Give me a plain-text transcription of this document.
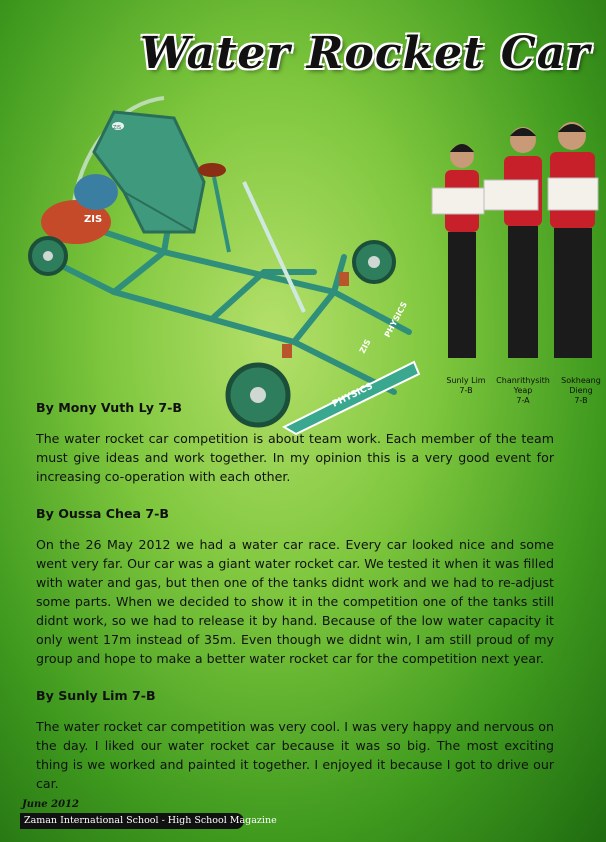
Water Rocket Car
PHYSICS
ZIS
PHYSICS
ZIS
ZIS
Sunly Lim
7-B
Chanrithysith Yeap
7-A
Sokheang Dieng
7-B

By Mony Vuth Ly 7-B

The water rocket car competition is about team work. Each member of the team must give ideas and work together. In my opinion this is a very good event for increasing co-operation with each other.

By Oussa Chea 7-B

On the 26 May 2012 we had a water car race. Every car looked nice and some went very far. Our car was a giant water rocket car. We tested it when it was filled with water and gas, but then one of the tanks didnt work and we had to re-adjust some parts. When we decided to show it in the competition one of the tanks still didnt work, so we had to release it by hand. Because of the low water capacity it only went 17m instead of 35m. Even though we didnt win, I am still proud of my group and hope to make a better water rocket car for the competition next year.

By Sunly Lim 7-B

The water rocket car competition was very cool. I was very happy and nervous on the day. I liked our water rocket car because it was so big. The most exciting thing is we worked and painted it together. I enjoyed it because I got to drive our car.

June 2012
Zaman International School - High School Magazine
